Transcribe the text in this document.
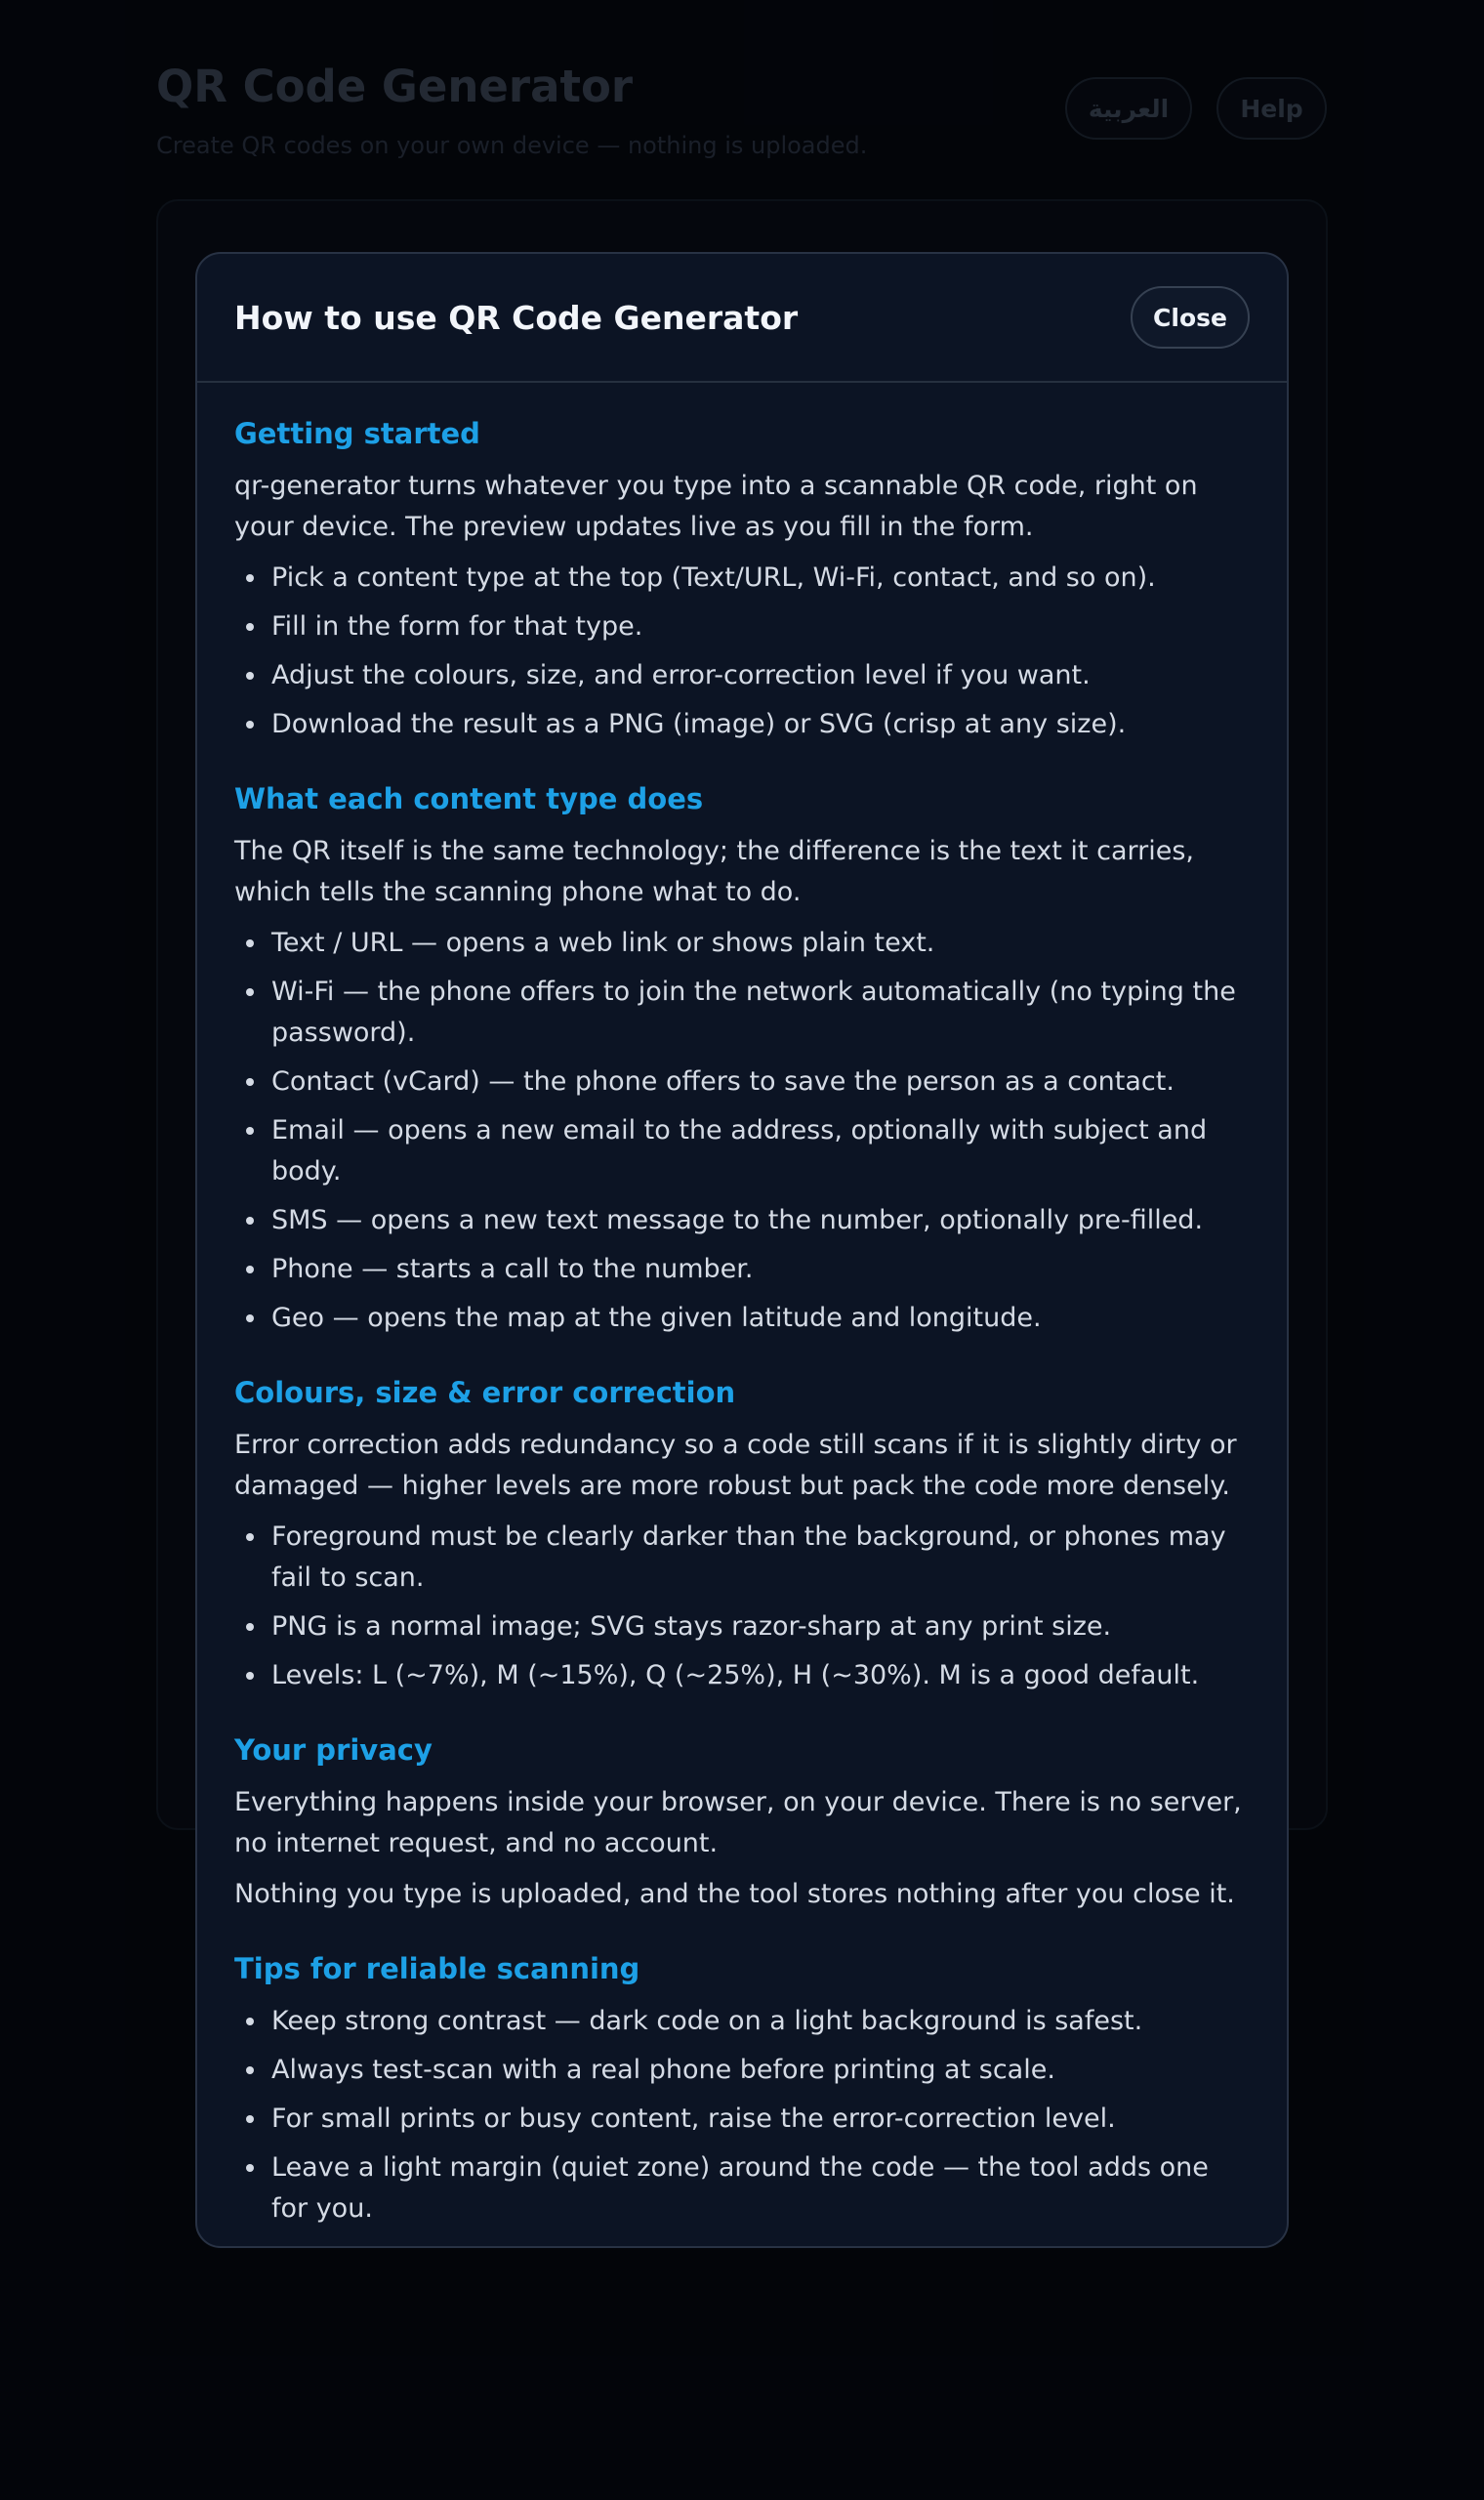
QR Code Generator

Create QR codes on your own device — nothing is uploaded.

العربية	Help
How to use QR Code Generator	Close
Getting started

qr-generator turns whatever you type into a scannable QR code, right on your device. The preview updates live as you fill in the form.

Pick a content type at the top (Text/URL, Wi-Fi, contact, and so on).
Fill in the form for that type.
Adjust the colours, size, and error-correction level if you want.
Download the result as a PNG (image) or SVG (crisp at any size).
What each content type does

The QR itself is the same technology; the difference is the text it carries, which tells the scanning phone what to do.

Text / URL — opens a web link or shows plain text.
Wi-Fi — the phone offers to join the network automatically (no typing the password).
Contact (vCard) — the phone offers to save the person as a contact.
Email — opens a new email to the address, optionally with subject and body.
SMS — opens a new text message to the number, optionally pre-filled.
Phone — starts a call to the number.
Geo — opens the map at the given latitude and longitude.
Colours, size & error correction

Error correction adds redundancy so a code still scans if it is slightly dirty or damaged — higher levels are more robust but pack the code more densely.

Foreground must be clearly darker than the background, or phones may fail to scan.
PNG is a normal image; SVG stays razor-sharp at any print size.
Levels: L (~7%), M (~15%), Q (~25%), H (~30%). M is a good default.
Your privacy

Everything happens inside your browser, on your device. There is no server, no internet request, and no account.

Nothing you type is uploaded, and the tool stores nothing after you close it.

Tips for reliable scanning
Keep strong contrast — dark code on a light background is safest.
Always test-scan with a real phone before printing at scale.
For small prints or busy content, raise the error-correction level.
Leave a light margin (quiet zone) around the code — the tool adds one for you.
